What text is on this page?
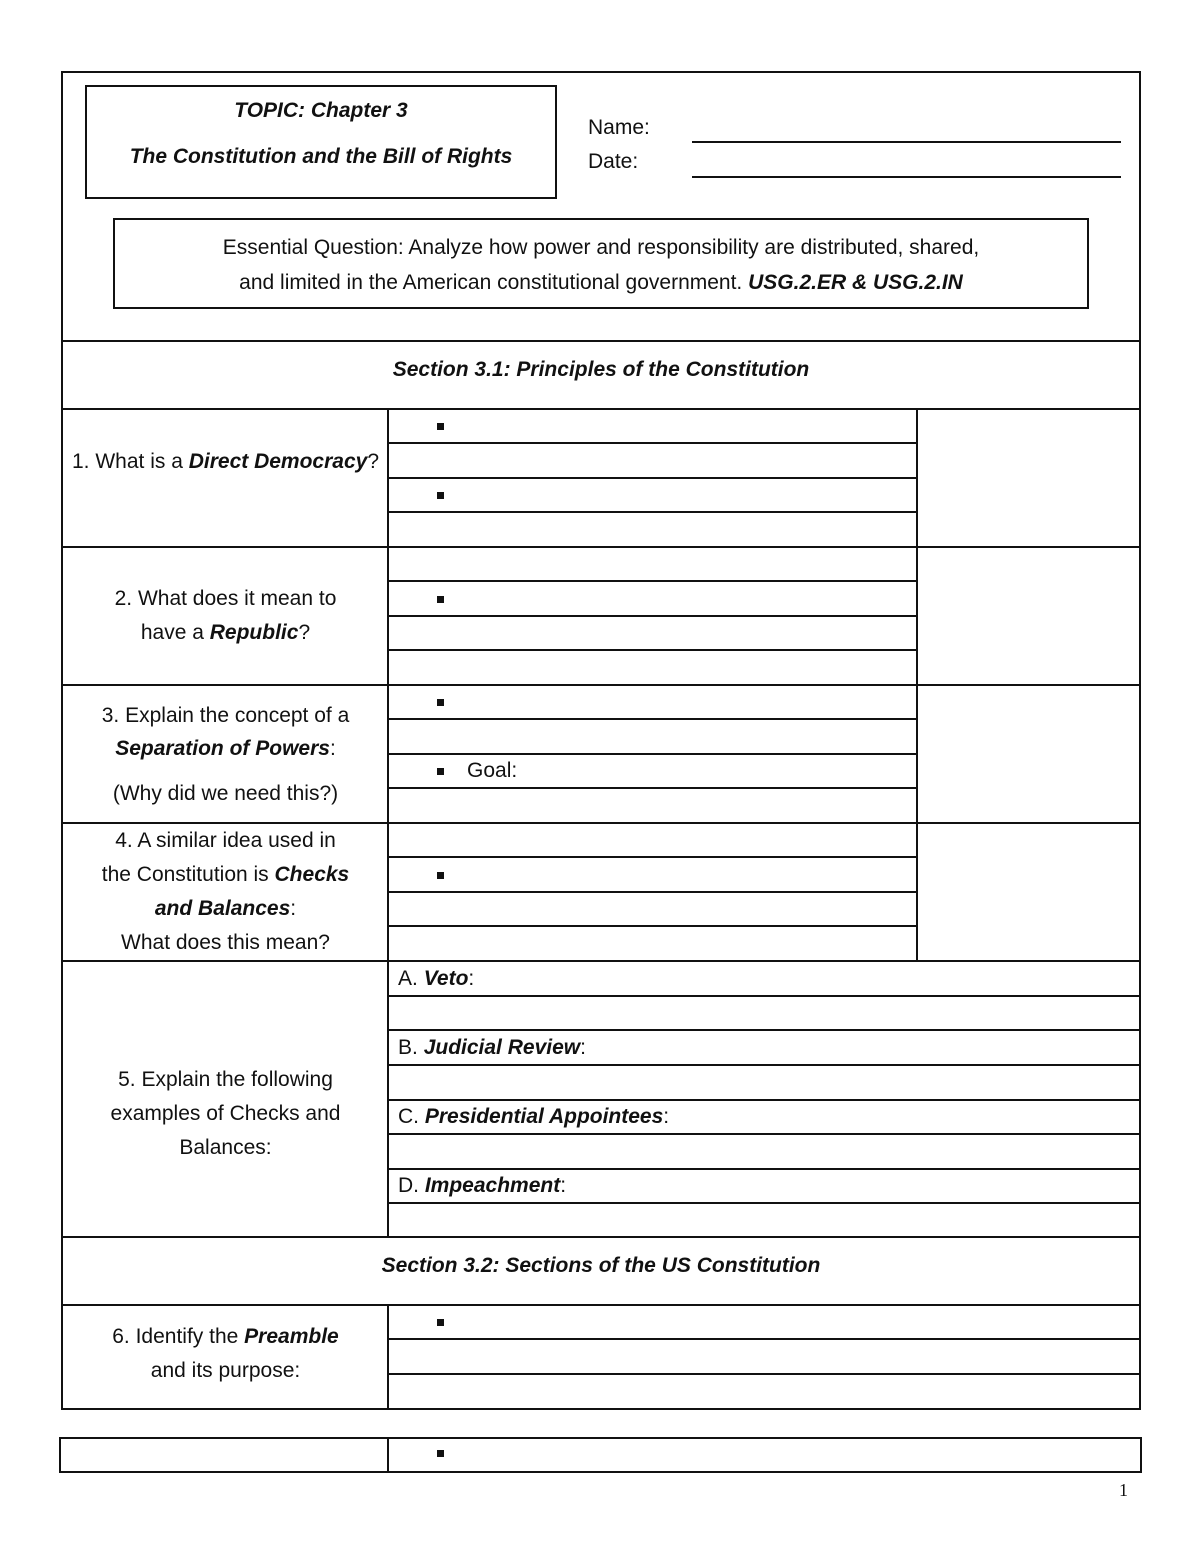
TOPIC: Chapter 3
The Constitution and the Bill of Rights
Name:
Date:
Essential Question: Analyze how power and responsibility are distributed, shared,
and limited in the American constitutional government. USG.2.ER & USG.2.IN
Section 3.1: Principles of the Constitution
Goal:
1. What is a Direct Democracy?
2. What does it mean to
have a Republic?
3. Explain the concept of a
Separation of Powers:
(Why did we need this?)
4. A similar idea used in
the Constitution is Checks
and Balances:
What does this mean?
5. Explain the following
examples of Checks and
Balances:
A. Veto:
B. Judicial Review:
C. Presidential Appointees:
D. Impeachment:
Section 3.2: Sections of the US Constitution
6. Identify the Preamble
and its purpose:
1
